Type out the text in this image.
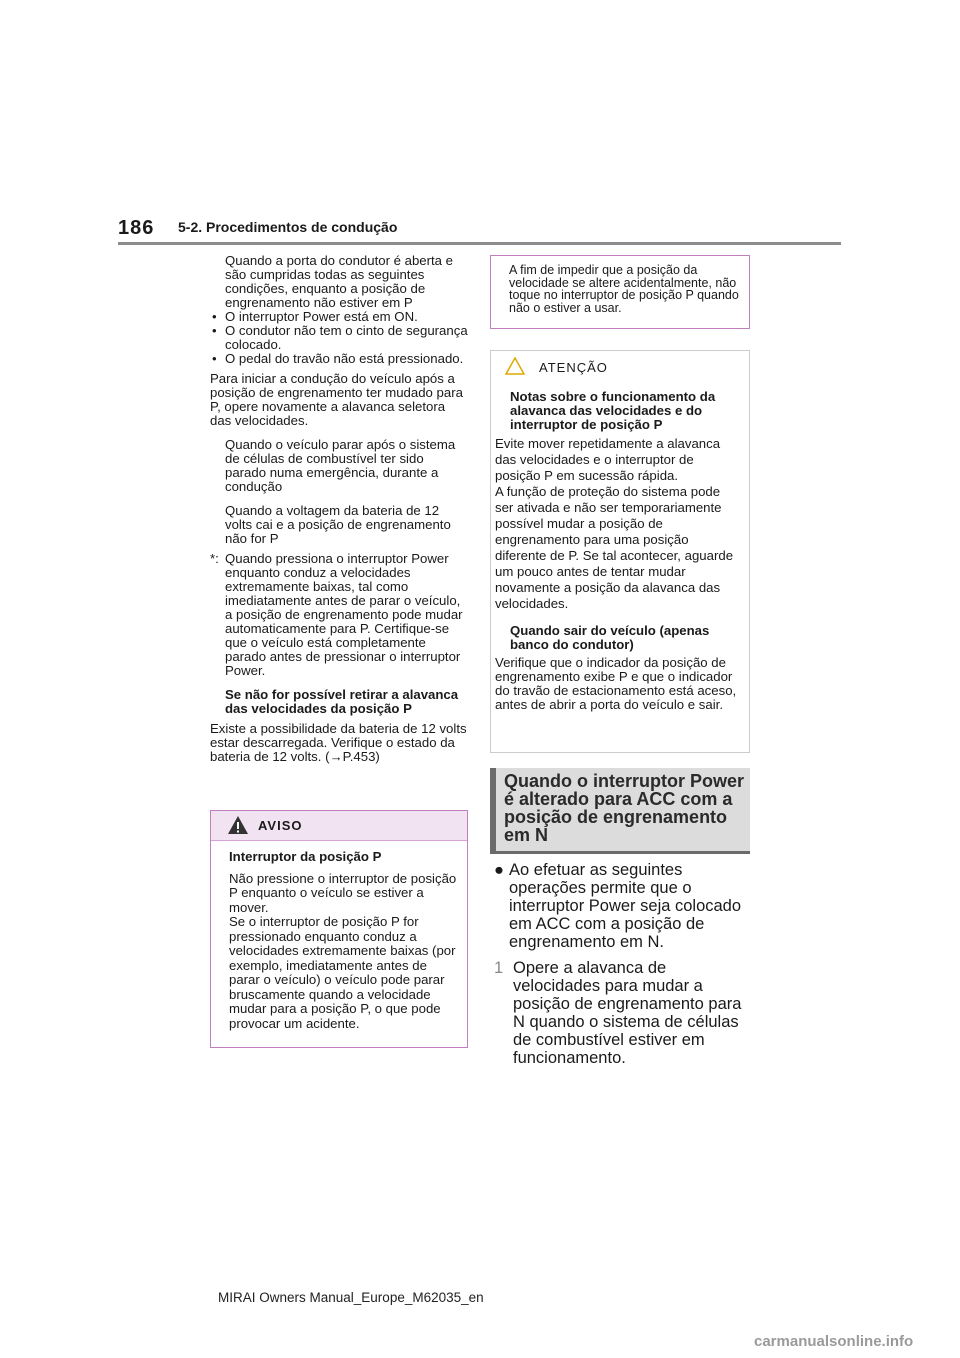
186 5-2. Procedimentos de condução

Quando a porta do condutor é aberta e são cumpridas todas as seguintes condições, enquanto a posição de engrenamento não estiver em P

• O interruptor Power está em ON.
• O condutor não tem o cinto de segurança colocado.
• O pedal do travão não está pressionado.

Para iniciar a condução do veículo após a posição de engrenamento ter mudado para P, opere novamente a alavanca seletora das velocidades.

Quando o veículo parar após o sistema de células de combustível ter sido parado numa emergência, durante a condução

Quando a voltagem da bateria de 12 volts cai e a posição de engrenamento não for P

*: Quando pressiona o interruptor Power enquanto conduz a velocidades extremamente baixas, tal como imediatamente antes de parar o veículo, a posição de engrenamento pode mudar automaticamente para P. Certifique-se que o veículo está completamente parado antes de pressionar o interruptor Power.

Se não for possível retirar a alavanca das velocidades da posição P

Existe a possibilidade da bateria de 12 volts estar descarregada. Verifique o estado da bateria de 12 volts. (→P.453)

AVISO

Interruptor da posição P

Não pressione o interruptor de posição P enquanto o veículo se estiver a mover.
Se o interruptor de posição P for pressionado enquanto conduz a velocidades extremamente baixas (por exemplo, imediatamente antes de parar o veículo) o veículo pode parar bruscamente quando a velocidade mudar para a posição P, o que pode provocar um acidente.

A fim de impedir que a posição da velocidade se altere acidentalmente, não toque no interruptor de posição P quando não o estiver a usar.

ATENÇÃO

Notas sobre o funcionamento da alavanca das velocidades e do interruptor de posição P

Evite mover repetidamente a alavanca das velocidades e o interruptor de posição P em sucessão rápida.
A função de proteção do sistema pode ser ativada e não ser temporariamente possível mudar a posição de engrenamento para uma posição diferente de P. Se tal acontecer, aguarde um pouco antes de tentar mudar novamente a posição da alavanca das velocidades.

Quando sair do veículo (apenas banco do condutor)

Verifique que o indicador da posição de engrenamento exibe P e que o indicador do travão de estacionamento está aceso, antes de abrir a porta do veículo e sair.

Quando o interruptor Power é alterado para ACC com a posição de engrenamento em N
● Ao efetuar as seguintes operações permite que o interruptor Power seja colocado em ACC com a posição de engrenamento em N.
1 Opere a alavanca de velocidades para mudar a posição de engrenamento para N quando o sistema de células de combustível estiver em funcionamento.
MIRAI Owners Manual_Europe_M62035_en
carmanualsonline.info
